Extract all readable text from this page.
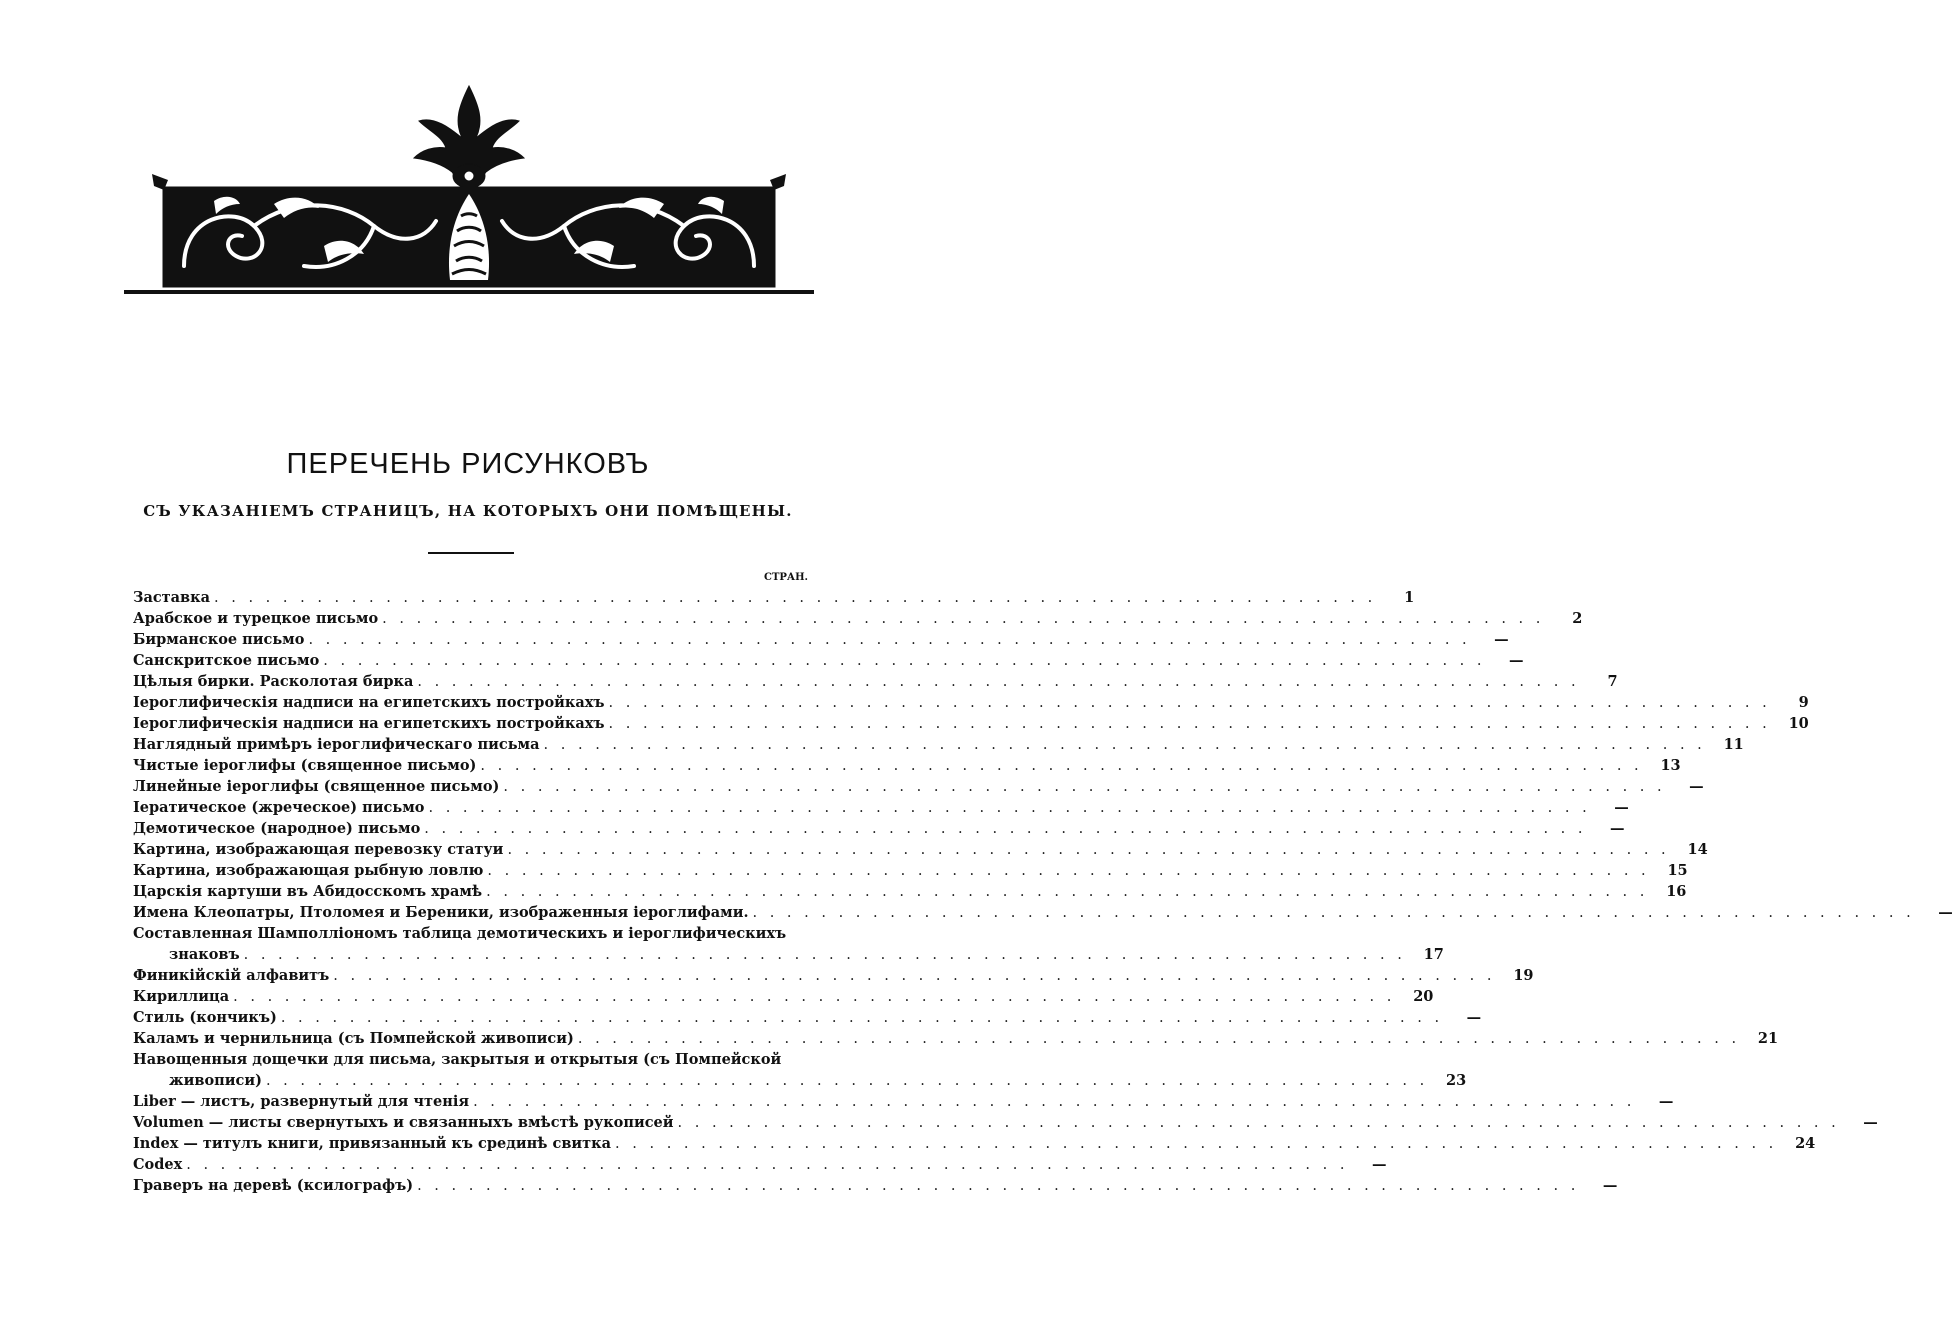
ПЕРЕЧЕНЬ РИСУНКОВЪ
СЪ УКАЗАНІЕМЪ СТРАНИЦЪ, НА КОТОРЫХЪ ОНИ ПОМѢЩЕНЫ.
СТРАН.
Заставка . . . . . . . . . . . . . . . . . . . . . . . . . . . . . . . . . . . . . . . . . . . . . . . . . . . . . . . . . . . . . . . . . . . .	1
Арабское и турецкое письмо . . . . . . . . . . . . . . . . . . . . . . . . . . . . . . . . . . . . . . . . . . . . . . . . . . . . . . . . . . . . . . . . . . . .	2
Бирманское письмо . . . . . . . . . . . . . . . . . . . . . . . . . . . . . . . . . . . . . . . . . . . . . . . . . . . . . . . . . . . . . . . . . . . .	—
Санскритское письмо . . . . . . . . . . . . . . . . . . . . . . . . . . . . . . . . . . . . . . . . . . . . . . . . . . . . . . . . . . . . . . . . . . . .	—
Цѣлыя бирки. Расколотая бирка . . . . . . . . . . . . . . . . . . . . . . . . . . . . . . . . . . . . . . . . . . . . . . . . . . . . . . . . . . . . . . . . . . . .	7
Іероглифическія надписи на египетскихъ постройкахъ . . . . . . . . . . . . . . . . . . . . . . . . . . . . . . . . . . . . . . . . . . . . . . . . . . . . . . . . . . . . . . . . . . . .	9
Іероглифическія надписи на египетскихъ постройкахъ . . . . . . . . . . . . . . . . . . . . . . . . . . . . . . . . . . . . . . . . . . . . . . . . . . . . . . . . . . . . . . . . . . . .	10
Наглядный примѣръ іероглифическаго письма . . . . . . . . . . . . . . . . . . . . . . . . . . . . . . . . . . . . . . . . . . . . . . . . . . . . . . . . . . . . . . . . . . . .	11
Чистые іероглифы (священное письмо) . . . . . . . . . . . . . . . . . . . . . . . . . . . . . . . . . . . . . . . . . . . . . . . . . . . . . . . . . . . . . . . . . . . .	13
Линейные іероглифы (священное письмо) . . . . . . . . . . . . . . . . . . . . . . . . . . . . . . . . . . . . . . . . . . . . . . . . . . . . . . . . . . . . . . . . . . . .	—
Іератическое (жреческое) письмо . . . . . . . . . . . . . . . . . . . . . . . . . . . . . . . . . . . . . . . . . . . . . . . . . . . . . . . . . . . . . . . . . . . .	—
Демотическое (народное) письмо . . . . . . . . . . . . . . . . . . . . . . . . . . . . . . . . . . . . . . . . . . . . . . . . . . . . . . . . . . . . . . . . . . . .	—
Картина, изображающая перевозку статуи . . . . . . . . . . . . . . . . . . . . . . . . . . . . . . . . . . . . . . . . . . . . . . . . . . . . . . . . . . . . . . . . . . . .	14
Картина, изображающая рыбную ловлю . . . . . . . . . . . . . . . . . . . . . . . . . . . . . . . . . . . . . . . . . . . . . . . . . . . . . . . . . . . . . . . . . . . .	15
Царскія картуши въ Абидосскомъ храмѣ . . . . . . . . . . . . . . . . . . . . . . . . . . . . . . . . . . . . . . . . . . . . . . . . . . . . . . . . . . . . . . . . . . . .	16
Имена Клеопатры, Птоломея и Береники, изображенныя іероглифами. . . . . . . . . . . . . . . . . . . . . . . . . . . . . . . . . . . . . . . . . . . . . . . . . . . . . . . . . . . . . . . . . . . . .	—
Составленная Шамполліономъ таблица демотическихъ и іероглифическихъ
знаковъ . . . . . . . . . . . . . . . . . . . . . . . . . . . . . . . . . . . . . . . . . . . . . . . . . . . . . . . . . . . . . . . . . . . .	17
Финикійскій алфавитъ . . . . . . . . . . . . . . . . . . . . . . . . . . . . . . . . . . . . . . . . . . . . . . . . . . . . . . . . . . . . . . . . . . . .	19
Кириллица . . . . . . . . . . . . . . . . . . . . . . . . . . . . . . . . . . . . . . . . . . . . . . . . . . . . . . . . . . . . . . . . . . . .	20
Стиль (кончикъ) . . . . . . . . . . . . . . . . . . . . . . . . . . . . . . . . . . . . . . . . . . . . . . . . . . . . . . . . . . . . . . . . . . . .	—
Каламъ и чернильница (съ Помпейской живописи) . . . . . . . . . . . . . . . . . . . . . . . . . . . . . . . . . . . . . . . . . . . . . . . . . . . . . . . . . . . . . . . . . . . .	21
Навощенныя дощечки для письма, закрытыя и открытыя (съ Помпейской
живописи) . . . . . . . . . . . . . . . . . . . . . . . . . . . . . . . . . . . . . . . . . . . . . . . . . . . . . . . . . . . . . . . . . . . .	23
Liber — листъ, развернутый для чтенія . . . . . . . . . . . . . . . . . . . . . . . . . . . . . . . . . . . . . . . . . . . . . . . . . . . . . . . . . . . . . . . . . . . .	—
Volumen — листы свернутыхъ и связанныхъ вмѣстѣ рукописей . . . . . . . . . . . . . . . . . . . . . . . . . . . . . . . . . . . . . . . . . . . . . . . . . . . . . . . . . . . . . . . . . . . .	—
Index — титулъ книги, привязанный къ срединѣ свитка . . . . . . . . . . . . . . . . . . . . . . . . . . . . . . . . . . . . . . . . . . . . . . . . . . . . . . . . . . . . . . . . . . . .	24
Codex . . . . . . . . . . . . . . . . . . . . . . . . . . . . . . . . . . . . . . . . . . . . . . . . . . . . . . . . . . . . . . . . . . . .	—
Граверъ на деревѣ (ксилографъ) . . . . . . . . . . . . . . . . . . . . . . . . . . . . . . . . . . . . . . . . . . . . . . . . . . . . . . . . . . . . . . . . . . . .	—
